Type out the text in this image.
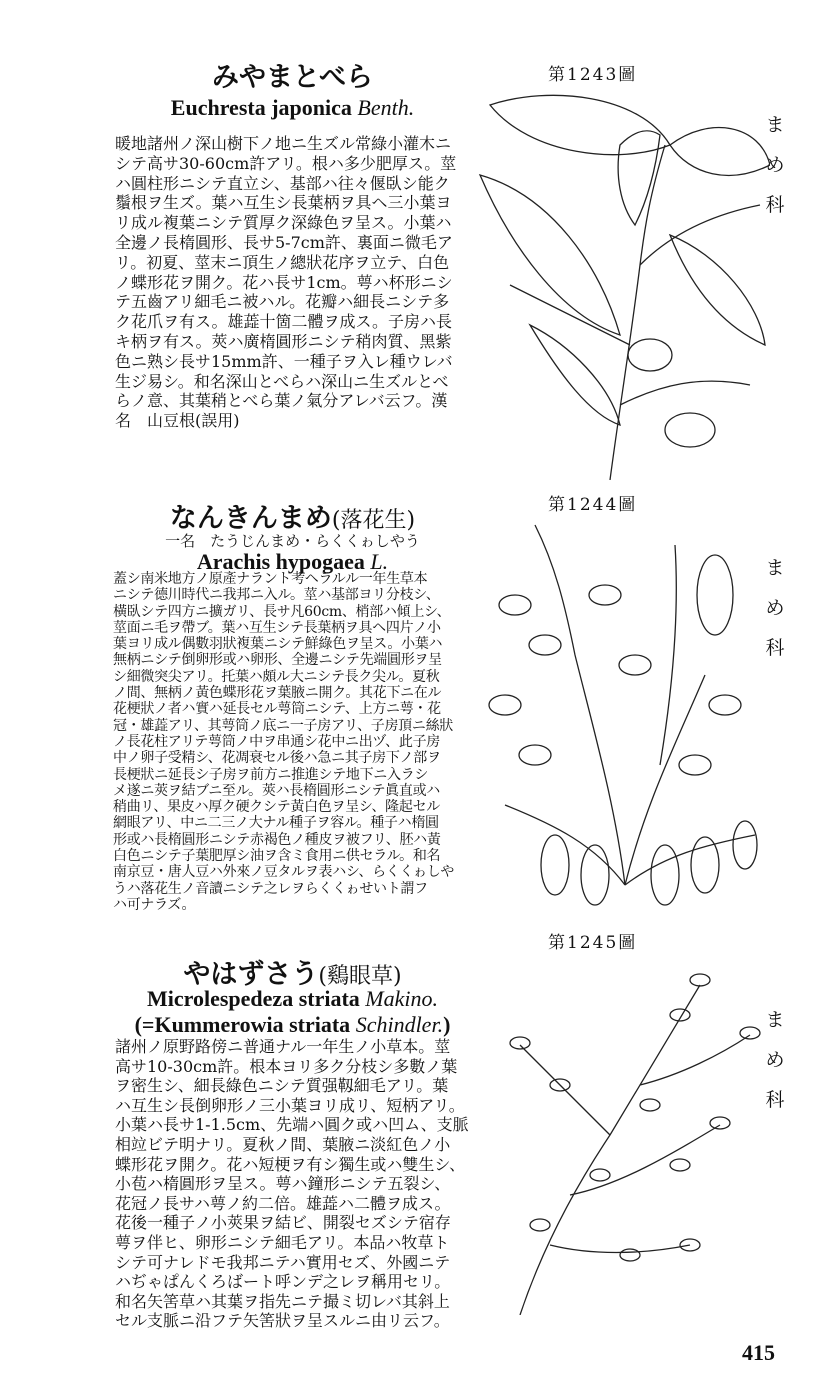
みやまとべら
Euchresta japonica Benth.

暖地諸州ノ深山樹下ノ地ニ生ズル常綠小灌木ニ

シテ高サ30-60cm許アリ。根ハ多少肥厚ス。莖

ハ圓柱形ニシテ直立シ、基部ハ往々偃臥シ能ク

鬚根ヲ生ズ。葉ハ互生シ長葉柄ヲ具ヘ三小葉ヨ

リ成ル複葉ニシテ質厚ク深綠色ヲ呈ス。小葉ハ

全邊ノ長楕圓形、長サ5-7cm許、裏面ニ微毛ア

リ。初夏、莖末ニ頂生ノ總狀花序ヲ立テ、白色

ノ蝶形花ヲ開ク。花ハ長サ1cm。萼ハ杯形ニシ

テ五齒アリ細毛ニ被ハル。花瓣ハ細長ニシテ多

ク花爪ヲ有ス。雄蕋十箇二體ヲ成ス。子房ハ長

キ柄ヲ有ス。莢ハ廣楕圓形ニシテ稍肉質、黑紫

色ニ熟シ長サ15mm許、一種子ヲ入レ種ウレバ

生ジ易シ。和名深山とべらハ深山ニ生ズルとべ

らノ意、其葉稍とべら葉ノ氣分アレバ云フ。漢

名　山豆根(誤用)

なんきんまめ(落花生)
一名　たうじんまめ・らくくゎしやう
Arachis hypogaea L.

蓋シ南米地方ノ原產ナラント考ヘラルル一年生草本

ニシテ德川時代ニ我邦ニ入ル。莖ハ基部ヨリ分枝シ、

橫臥シテ四方ニ擴ガリ、長サ凡60cm、梢部ハ傾上シ、

莖面ニ毛ヲ帶ブ。葉ハ互生シテ長葉柄ヲ具ヘ四片ノ小

葉ヨリ成ル偶數羽狀複葉ニシテ鮮綠色ヲ呈ス。小葉ハ

無柄ニシテ倒卵形或ハ卵形、全邊ニシテ先端圓形ヲ呈

シ細微突尖アリ。托葉ハ頗ル大ニシテ長ク尖ル。夏秋

ノ間、無柄ノ黃色蝶形花ヲ葉腋ニ開ク。其花下ニ在ル

花梗狀ノ者ハ實ハ延長セル萼筒ニシテ、上方ニ萼・花

冠・雄蕋アリ、其萼筒ノ底ニ一子房アリ、子房頂ニ絲狀

ノ長花柱アリテ萼筒ノ中ヲ串通シ花中ニ出ヅ、此子房

中ノ卵子受精シ、花凋衰セル後ハ急ニ其子房下ノ部ヲ

長梗狀ニ延長シ子房ヲ前方ニ推進シテ地下ニ入ラシ

メ遂ニ莢ヲ結ブニ至ル。莢ハ長楕圓形ニシテ眞直或ハ

稍曲リ、果皮ハ厚ク硬クシテ黃白色ヲ呈シ、隆起セル

網眼アリ、中ニ二三ノ大ナル種子ヲ容ル。種子ハ楕圓

形或ハ長楕圓形ニシテ赤褐色ノ種皮ヲ被フリ、胚ハ黃

白色ニシテ子葉肥厚シ油ヲ含ミ食用ニ供セラル。和名

南京豆・唐人豆ハ外來ノ豆タルヲ表ハシ、らくくゎしや

うハ落花生ノ音讀ニシテ之レヲらくくゎせいト謂フ

ハ可ナラズ。

やはずさう(鷄眼草)
Microlespedeza striata Makino.
(=Kummerowia striata Schindler.)

諸州ノ原野路傍ニ普通ナル一年生ノ小草本。莖

高サ10-30cm許。根本ヨリ多ク分枝シ多數ノ葉

ヲ密生シ、細長綠色ニシテ質强靱細毛アリ。葉

ハ互生シ長倒卵形ノ三小葉ヨリ成リ、短柄アリ。

小葉ハ長サ1-1.5cm、先端ハ圓ク或ハ凹ム、支脈

相竝ビテ明ナリ。夏秋ノ間、葉腋ニ淡紅色ノ小

蝶形花ヲ開ク。花ハ短梗ヲ有シ獨生或ハ雙生シ、

小苞ハ楕圓形ヲ呈ス。萼ハ鐘形ニシテ五裂シ、

花冠ノ長サハ萼ノ約二倍。雄蕋ハ二體ヲ成ス。

花後一種子ノ小莢果ヲ結ビ、開裂セズシテ宿存

萼ヲ伴ヒ、卵形ニシテ細毛アリ。本品ハ牧草ト

シテ可ナレドモ我邦ニテハ實用セズ、外國ニテ

ハぢゃぱんくろばート呼ンデ之レヲ稱用セリ。

和名矢筈草ハ其葉ヲ指先ニテ撮ミ切レバ其斜上

セル支脈ニ沿フテ矢筈狀ヲ呈スルニ由リ云フ。

第1243圖
第1244圖
第1245圖
ま
め
科
ま
め
科
ま
め
科
415
